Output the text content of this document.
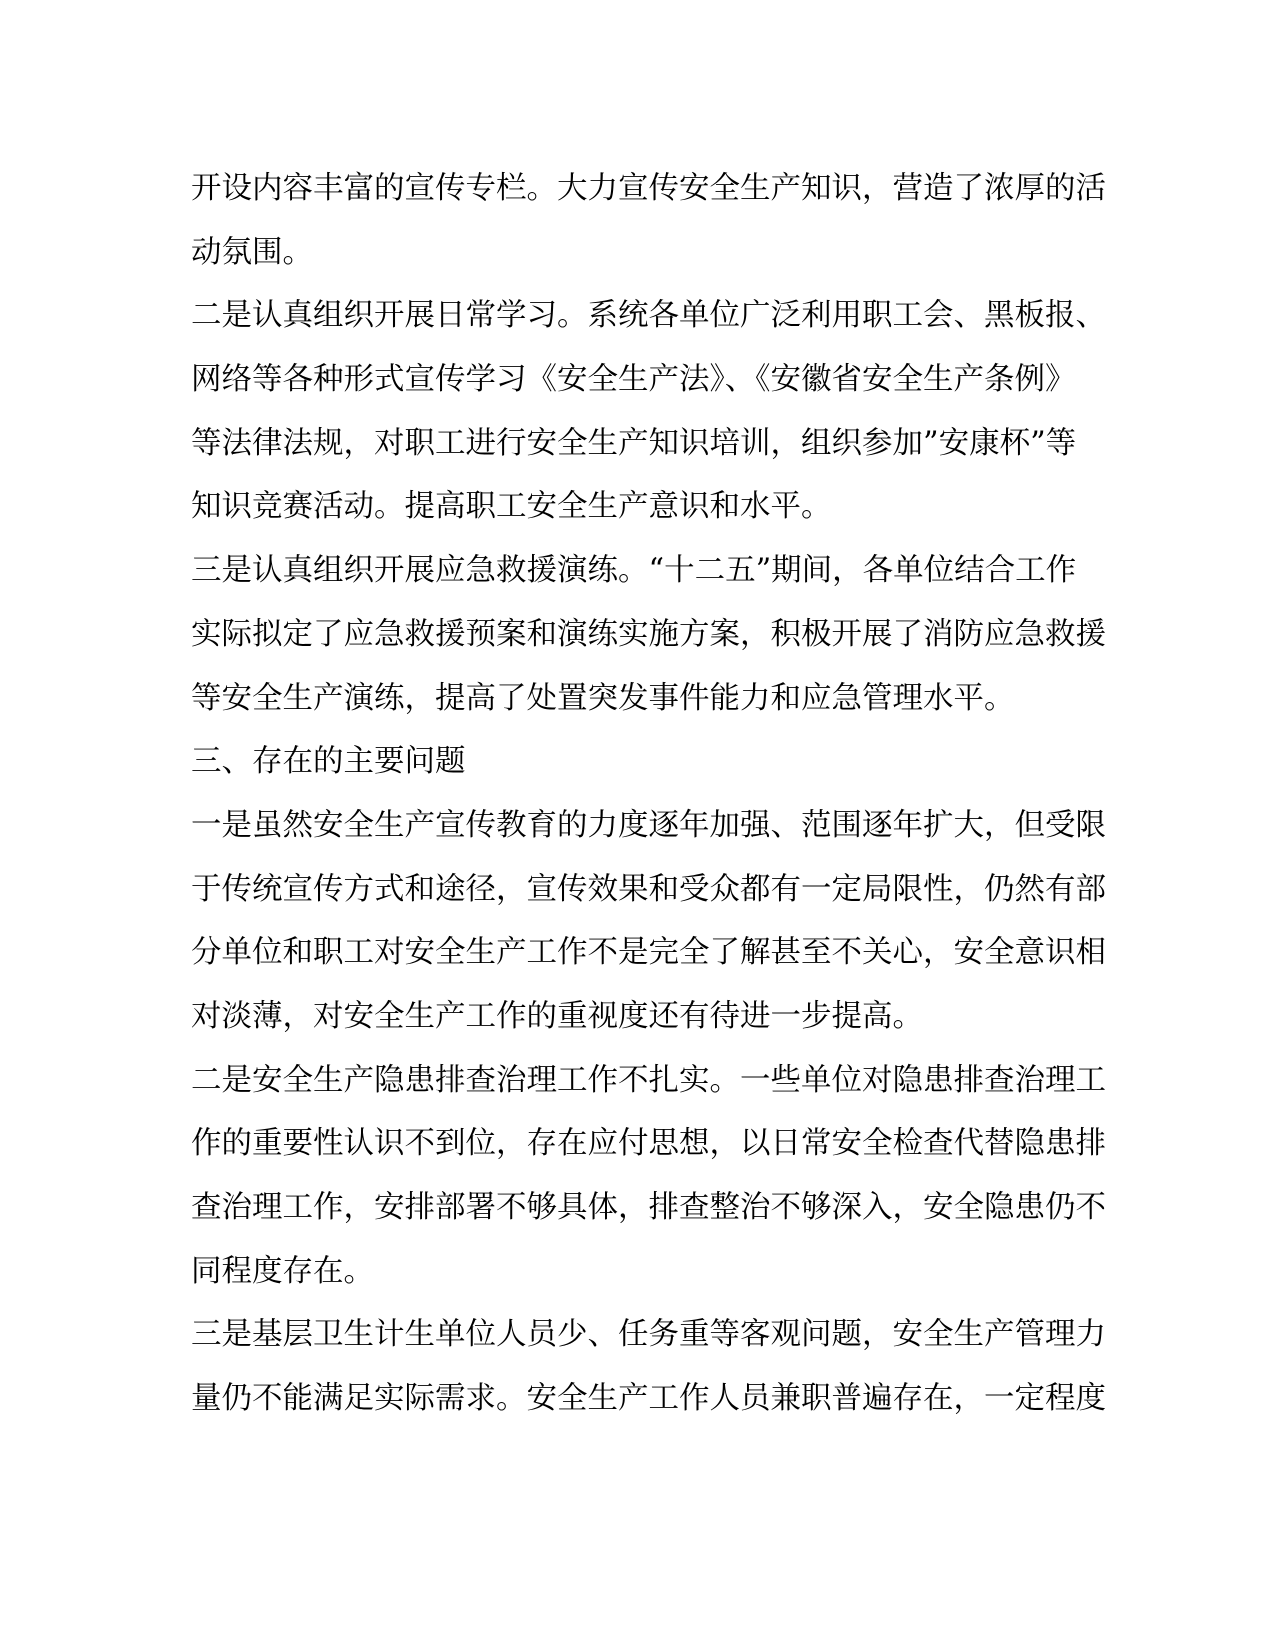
开设内容丰富的宣传专栏。大力宣传安全生产知识，营造了浓厚的活
动氛围。
二是认真组织开展日常学习。系统各单位广泛利用职工会、黑板报、
网络等各种形式宣传学习《安全生产法》、《安徽省安全生产条例》
等法律法规，对职工进行安全生产知识培训，组织参加”安康杯”等
知识竞赛活动。提高职工安全生产意识和水平。
三是认真组织开展应急救援演练。“十二五”期间，各单位结合工作
实际拟定了应急救援预案和演练实施方案，积极开展了消防应急救援
等安全生产演练，提高了处置突发事件能力和应急管理水平。
三、存在的主要问题
一是虽然安全生产宣传教育的力度逐年加强、范围逐年扩大，但受限
于传统宣传方式和途径，宣传效果和受众都有一定局限性，仍然有部
分单位和职工对安全生产工作不是完全了解甚至不关心，安全意识相
对淡薄，对安全生产工作的重视度还有待进一步提高。
二是安全生产隐患排查治理工作不扎实。一些单位对隐患排查治理工
作的重要性认识不到位，存在应付思想，以日常安全检查代替隐患排
查治理工作，安排部署不够具体，排查整治不够深入，安全隐患仍不
同程度存在。
三是基层卫生计生单位人员少、任务重等客观问题，安全生产管理力
量仍不能满足实际需求。安全生产工作人员兼职普遍存在，一定程度
